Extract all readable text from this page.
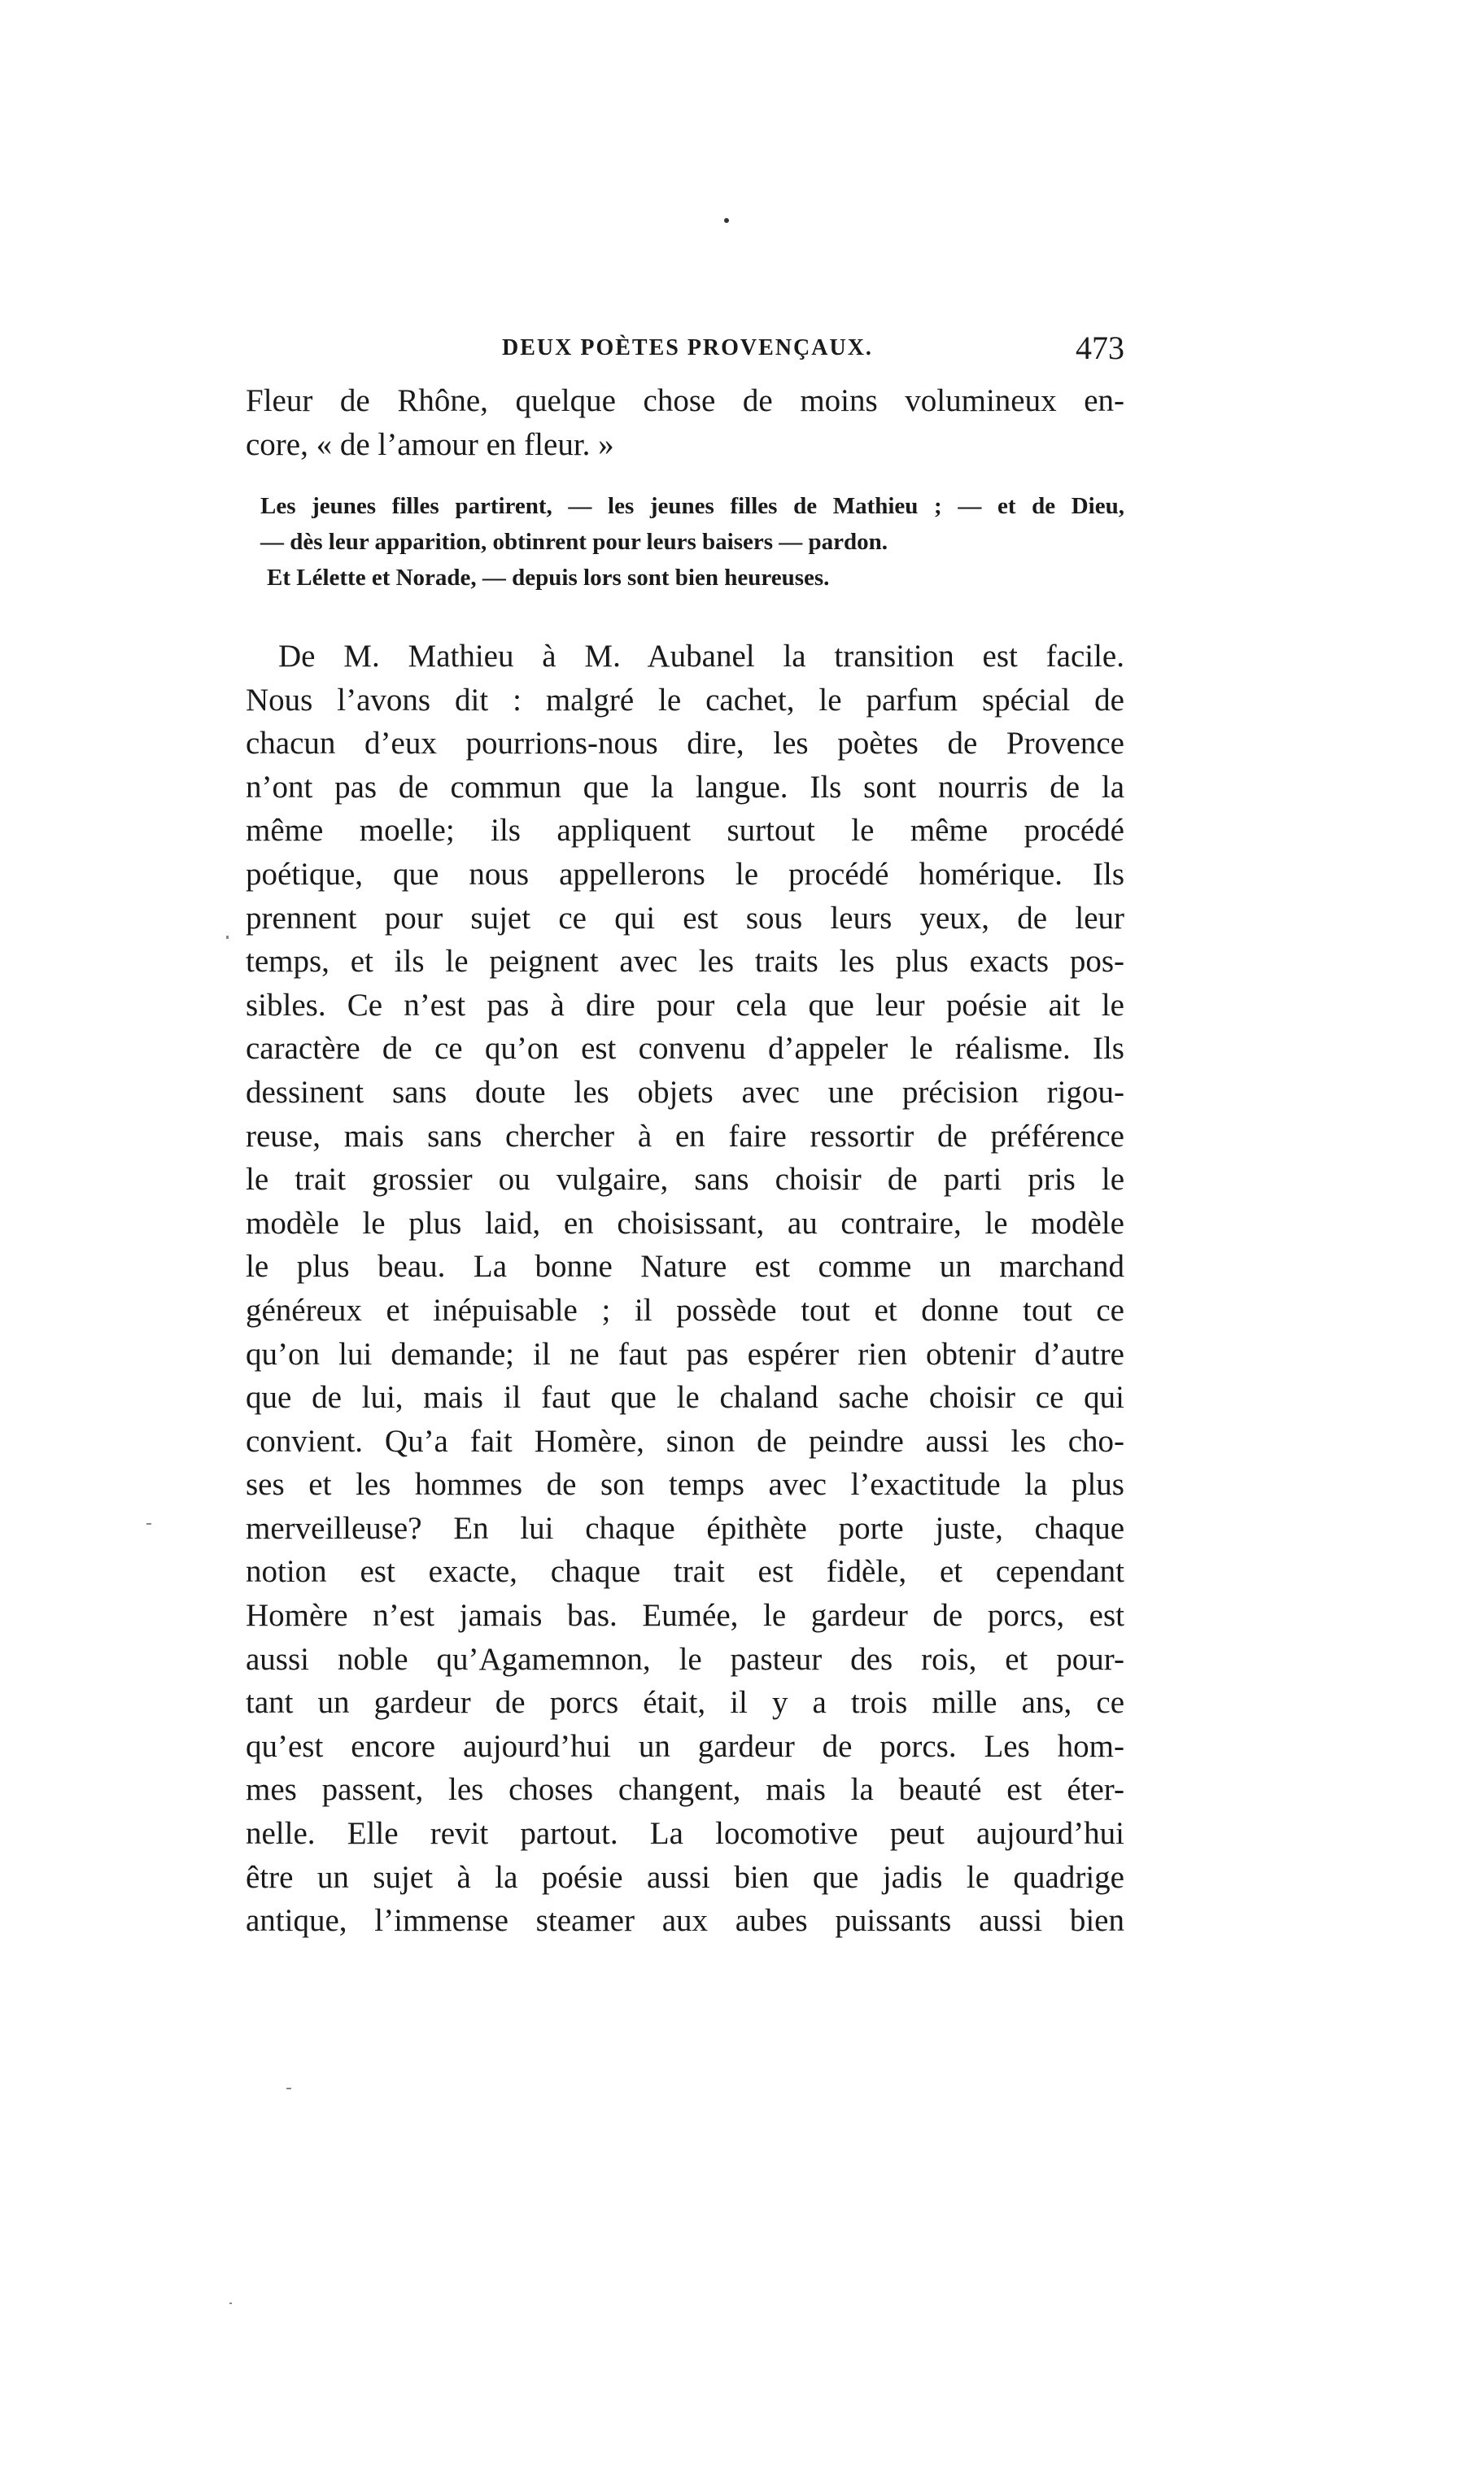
DEUX POÈTES PROVENÇAUX.	473
Fleur de Rhône, quelque chose de moins volumineux en-
core, « de l’amour en fleur. »
Les jeunes filles partirent, — les jeunes filles de Mathieu ; — et de Dieu,
— dès leur apparition, obtinrent pour leurs baisers — pardon.
Et Lélette et Norade, — depuis lors sont bien heureuses.
De M. Mathieu à M. Aubanel la transition est facile.
Nous l’avons dit : malgré le cachet, le parfum spécial de
chacun d’eux pourrions-nous dire, les poètes de Provence
n’ont pas de commun que la langue. Ils sont nourris de la
même moelle; ils appliquent surtout le même procédé
poétique, que nous appellerons le procédé homérique. Ils
prennent pour sujet ce qui est sous leurs yeux, de leur
temps, et ils le peignent avec les traits les plus exacts pos-
sibles. Ce n’est pas à dire pour cela que leur poésie ait le
caractère de ce qu’on est convenu d’appeler le réalisme. Ils
dessinent sans doute les objets avec une précision rigou-
reuse, mais sans chercher à en faire ressortir de préférence
le trait grossier ou vulgaire, sans choisir de parti pris le
modèle le plus laid, en choisissant, au contraire, le modèle
le plus beau. La bonne Nature est comme un marchand
généreux et inépuisable ; il possède tout et donne tout ce
qu’on lui demande; il ne faut pas espérer rien obtenir d’autre
que de lui, mais il faut que le chaland sache choisir ce qui
convient. Qu’a fait Homère, sinon de peindre aussi les cho-
ses et les hommes de son temps avec l’exactitude la plus
merveilleuse? En lui chaque épithète porte juste, chaque
notion est exacte, chaque trait est fidèle, et cependant
Homère n’est jamais bas. Eumée, le gardeur de porcs, est
aussi noble qu’Agamemnon, le pasteur des rois, et pour-
tant un gardeur de porcs était, il y a trois mille ans, ce
qu’est encore aujourd’hui un gardeur de porcs. Les hom-
mes passent, les choses changent, mais la beauté est éter-
nelle. Elle revit partout. La locomotive peut aujourd’hui
être un sujet à la poésie aussi bien que jadis le quadrige
antique, l’immense steamer aux aubes puissants aussi bien
